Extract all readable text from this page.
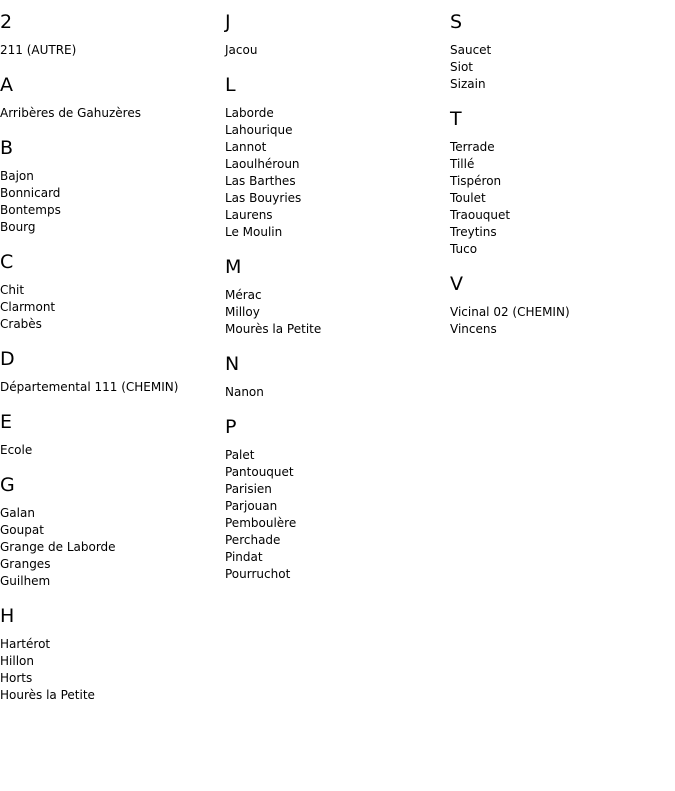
2
211 (AUTRE)
A
Arribères de Gahuzères
B
Bajon
Bonnicard
Bontemps
Bourg
C
Chit
Clarmont
Crabès
D
Départemental 111 (CHEMIN)
E
Ecole
G
Galan
Goupat
Grange de Laborde
Granges
Guilhem
H
Hartérot
Hillon
Horts
Hourès la Petite
J
Jacou
L
Laborde
Lahourique
Lannot
Laoulhéroun
Las Barthes
Las Bouyries
Laurens
Le Moulin
M
Mérac
Milloy
Mourès la Petite
N
Nanon
P
Palet
Pantouquet
Parisien
Parjouan
Pemboulère
Perchade
Pindat
Pourruchot
S
Saucet
Siot
Sizain
T
Terrade
Tillé
Tispéron
Toulet
Traouquet
Treytins
Tuco
V
Vicinal 02 (CHEMIN)
Vincens
